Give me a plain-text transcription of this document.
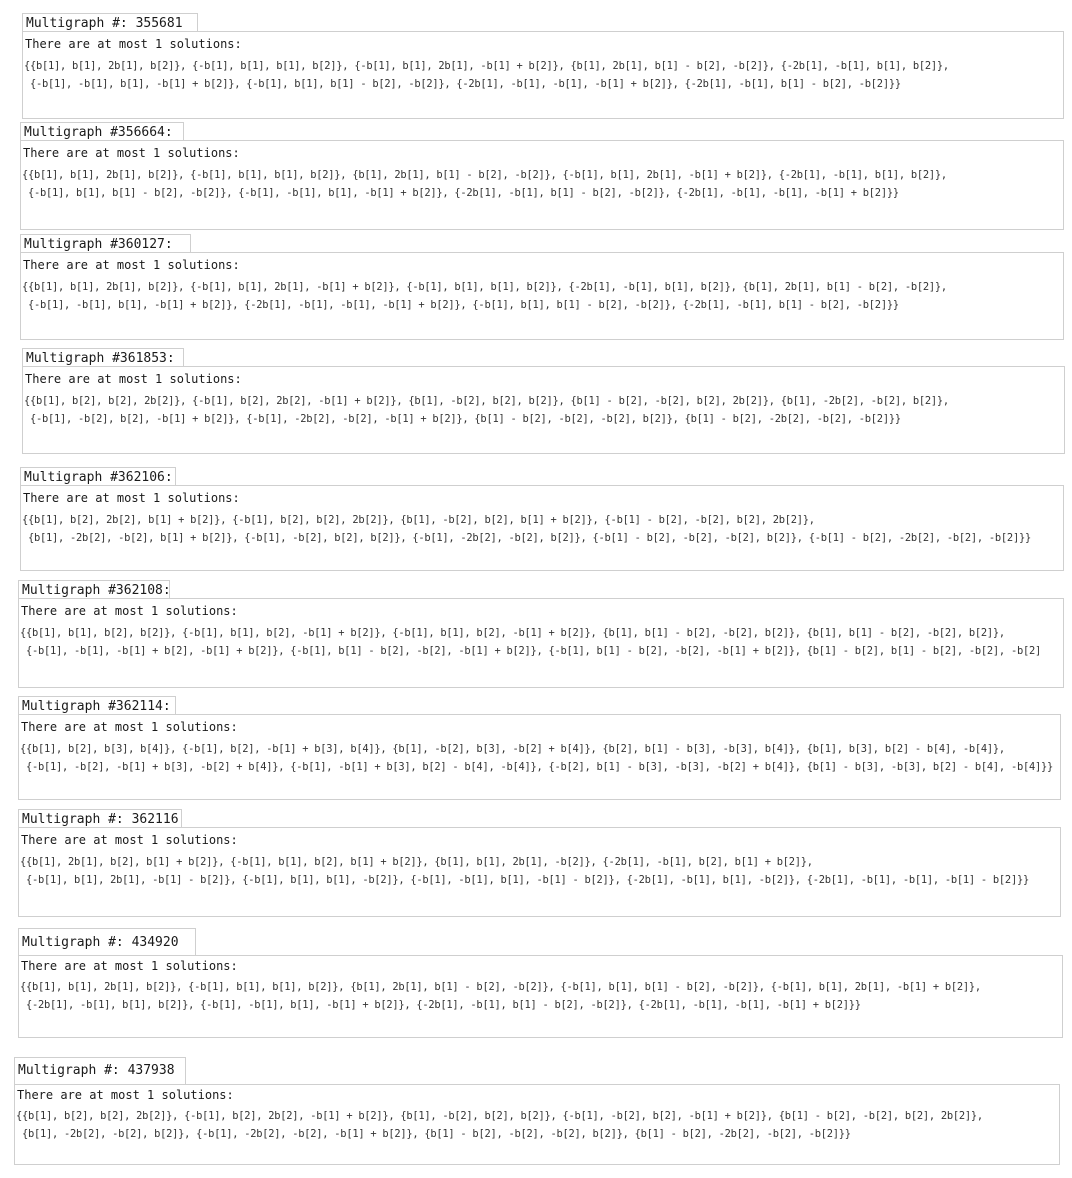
Multigraph #: 355681
There are at most 1 solutions:
{{b[1], b[1], 2b[1], b[2]}, {-b[1], b[1], b[1], b[2]}, {-b[1], b[1], 2b[1], -b[1] + b[2]}, {b[1], 2b[1], b[1] - b[2], -b[2]}, {-2b[1], -b[1], b[1], b[2]},
{-b[1], -b[1], b[1], -b[1] + b[2]}, {-b[1], b[1], b[1] - b[2], -b[2]}, {-2b[1], -b[1], -b[1], -b[1] + b[2]}, {-2b[1], -b[1], b[1] - b[2], -b[2]}}
Multigraph #356664:
There are at most 1 solutions:
{{b[1], b[1], 2b[1], b[2]}, {-b[1], b[1], b[1], b[2]}, {b[1], 2b[1], b[1] - b[2], -b[2]}, {-b[1], b[1], 2b[1], -b[1] + b[2]}, {-2b[1], -b[1], b[1], b[2]},
{-b[1], b[1], b[1] - b[2], -b[2]}, {-b[1], -b[1], b[1], -b[1] + b[2]}, {-2b[1], -b[1], b[1] - b[2], -b[2]}, {-2b[1], -b[1], -b[1], -b[1] + b[2]}}
Multigraph #360127:
There are at most 1 solutions:
{{b[1], b[1], 2b[1], b[2]}, {-b[1], b[1], 2b[1], -b[1] + b[2]}, {-b[1], b[1], b[1], b[2]}, {-2b[1], -b[1], b[1], b[2]}, {b[1], 2b[1], b[1] - b[2], -b[2]},
{-b[1], -b[1], b[1], -b[1] + b[2]}, {-2b[1], -b[1], -b[1], -b[1] + b[2]}, {-b[1], b[1], b[1] - b[2], -b[2]}, {-2b[1], -b[1], b[1] - b[2], -b[2]}}
Multigraph #361853:
There are at most 1 solutions:
{{b[1], b[2], b[2], 2b[2]}, {-b[1], b[2], 2b[2], -b[1] + b[2]}, {b[1], -b[2], b[2], b[2]}, {b[1] - b[2], -b[2], b[2], 2b[2]}, {b[1], -2b[2], -b[2], b[2]},
{-b[1], -b[2], b[2], -b[1] + b[2]}, {-b[1], -2b[2], -b[2], -b[1] + b[2]}, {b[1] - b[2], -b[2], -b[2], b[2]}, {b[1] - b[2], -2b[2], -b[2], -b[2]}}
Multigraph #362106:
There are at most 1 solutions:
{{b[1], b[2], 2b[2], b[1] + b[2]}, {-b[1], b[2], b[2], 2b[2]}, {b[1], -b[2], b[2], b[1] + b[2]}, {-b[1] - b[2], -b[2], b[2], 2b[2]},
{b[1], -2b[2], -b[2], b[1] + b[2]}, {-b[1], -b[2], b[2], b[2]}, {-b[1], -2b[2], -b[2], b[2]}, {-b[1] - b[2], -b[2], -b[2], b[2]}, {-b[1] - b[2], -2b[2], -b[2], -b[2]}}
Multigraph #362108:
There are at most 1 solutions:
{{b[1], b[1], b[2], b[2]}, {-b[1], b[1], b[2], -b[1] + b[2]}, {-b[1], b[1], b[2], -b[1] + b[2]}, {b[1], b[1] - b[2], -b[2], b[2]}, {b[1], b[1] - b[2], -b[2], b[2]},
{-b[1], -b[1], -b[1] + b[2], -b[1] + b[2]}, {-b[1], b[1] - b[2], -b[2], -b[1] + b[2]}, {-b[1], b[1] - b[2], -b[2], -b[1] + b[2]}, {b[1] - b[2], b[1] - b[2], -b[2], -b[2]
Multigraph #362114:
There are at most 1 solutions:
{{b[1], b[2], b[3], b[4]}, {-b[1], b[2], -b[1] + b[3], b[4]}, {b[1], -b[2], b[3], -b[2] + b[4]}, {b[2], b[1] - b[3], -b[3], b[4]}, {b[1], b[3], b[2] - b[4], -b[4]},
{-b[1], -b[2], -b[1] + b[3], -b[2] + b[4]}, {-b[1], -b[1] + b[3], b[2] - b[4], -b[4]}, {-b[2], b[1] - b[3], -b[3], -b[2] + b[4]}, {b[1] - b[3], -b[3], b[2] - b[4], -b[4]}}
Multigraph #: 362116
There are at most 1 solutions:
{{b[1], 2b[1], b[2], b[1] + b[2]}, {-b[1], b[1], b[2], b[1] + b[2]}, {b[1], b[1], 2b[1], -b[2]}, {-2b[1], -b[1], b[2], b[1] + b[2]},
{-b[1], b[1], 2b[1], -b[1] - b[2]}, {-b[1], b[1], b[1], -b[2]}, {-b[1], -b[1], b[1], -b[1] - b[2]}, {-2b[1], -b[1], b[1], -b[2]}, {-2b[1], -b[1], -b[1], -b[1] - b[2]}}
Multigraph #: 434920
There are at most 1 solutions:
{{b[1], b[1], 2b[1], b[2]}, {-b[1], b[1], b[1], b[2]}, {b[1], 2b[1], b[1] - b[2], -b[2]}, {-b[1], b[1], b[1] - b[2], -b[2]}, {-b[1], b[1], 2b[1], -b[1] + b[2]},
{-2b[1], -b[1], b[1], b[2]}, {-b[1], -b[1], b[1], -b[1] + b[2]}, {-2b[1], -b[1], b[1] - b[2], -b[2]}, {-2b[1], -b[1], -b[1], -b[1] + b[2]}}
Multigraph #: 437938
There are at most 1 solutions:
{{b[1], b[2], b[2], 2b[2]}, {-b[1], b[2], 2b[2], -b[1] + b[2]}, {b[1], -b[2], b[2], b[2]}, {-b[1], -b[2], b[2], -b[1] + b[2]}, {b[1] - b[2], -b[2], b[2], 2b[2]},
{b[1], -2b[2], -b[2], b[2]}, {-b[1], -2b[2], -b[2], -b[1] + b[2]}, {b[1] - b[2], -b[2], -b[2], b[2]}, {b[1] - b[2], -2b[2], -b[2], -b[2]}}
